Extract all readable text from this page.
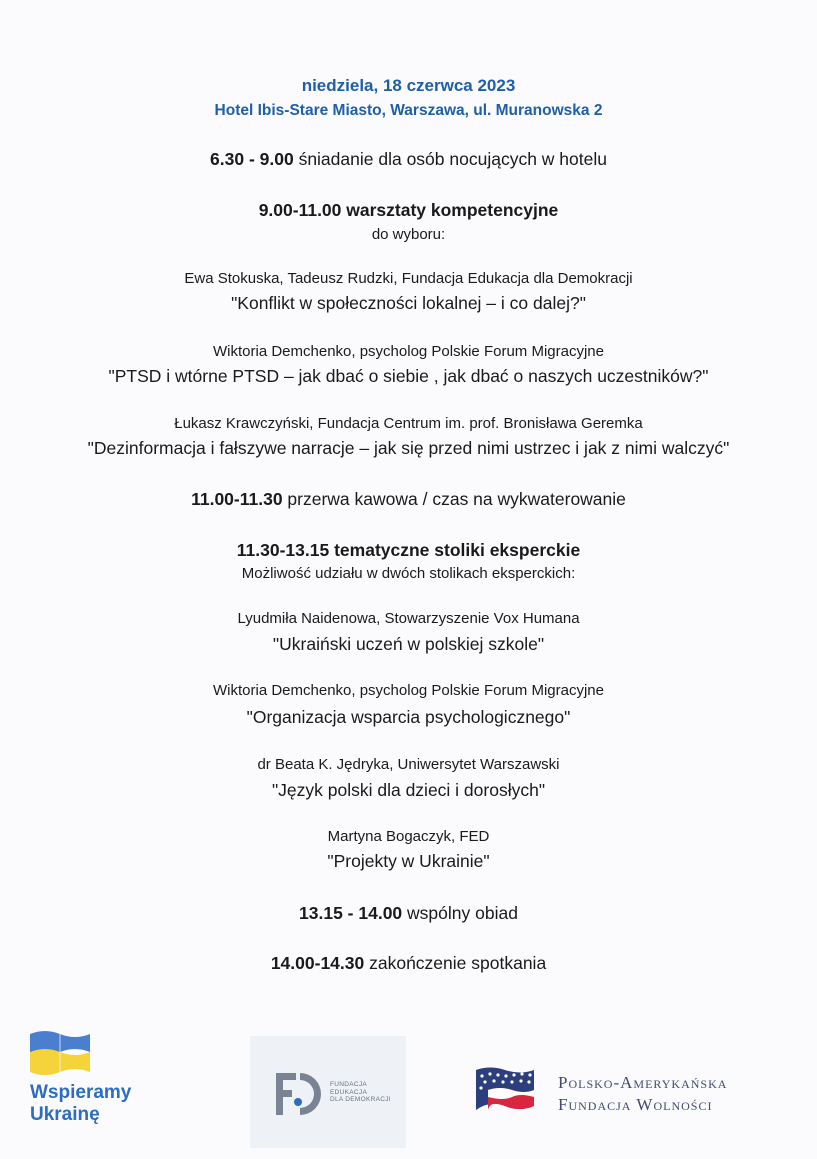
niedziela, 18 czerwca 2023
Hotel Ibis-Stare Miasto, Warszawa, ul. Muranowska 2
6.30 - 9.00 śniadanie dla osób nocujących w hotelu
9.00-11.00 warsztaty kompetencyjne
do wyboru:
Ewa Stokuska, Tadeusz Rudzki, Fundacja Edukacja dla Demokracji
"Konflikt w społeczności lokalnej – i co dalej?"
Wiktoria Demchenko, psycholog Polskie Forum Migracyjne
"PTSD i wtórne PTSD – jak dbać o siebie , jak dbać o naszych uczestników?"
Łukasz Krawczyński, Fundacja Centrum im. prof. Bronisława Geremka
"Dezinformacja i fałszywe narracje – jak się przed nimi ustrzec i jak z nimi walczyć"
11.00-11.30 przerwa kawowa / czas na wykwaterowanie
11.30-13.15 tematyczne stoliki eksperckie
Możliwość udziału w dwóch stolikach eksperckich:
Lyudmiła Naidenowa, Stowarzyszenie Vox Humana
"Ukraiński uczeń w polskiej szkole"
Wiktoria Demchenko, psycholog Polskie Forum Migracyjne
"Organizacja wsparcia psychologicznego"
dr Beata K. Jędryka, Uniwersytet Warszawski
"Język polski dla dzieci i dorosłych"
Martyna Bogaczyk, FED
"Projekty w Ukrainie"
13.15 - 14.00 wspólny obiad
14.00-14.30 zakończenie spotkania
Wspieramy
Ukrainę
FUNDACJA
EDUKACJA
DLA DEMOKRACJI
Polsko-Amerykańska
Fundacja Wolności
